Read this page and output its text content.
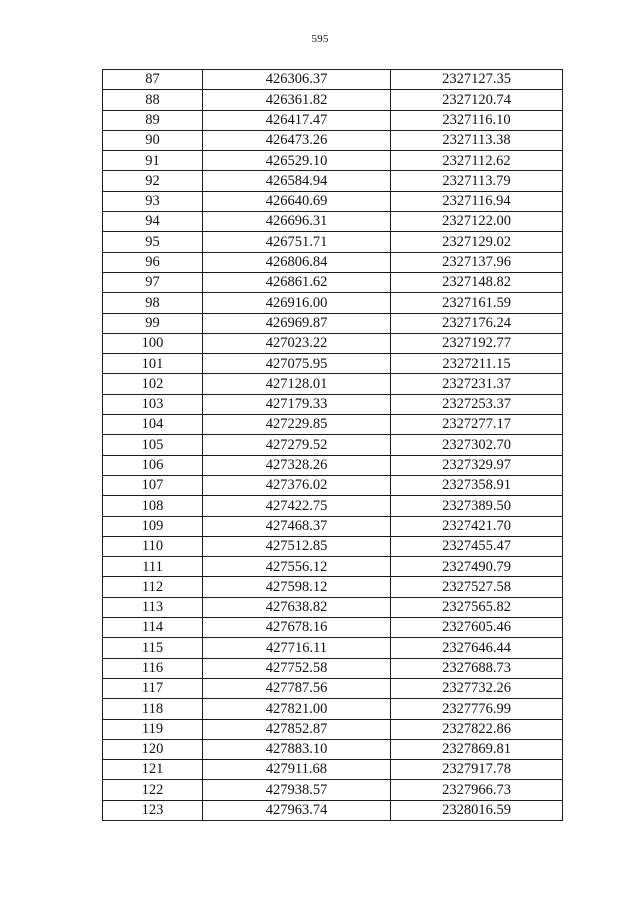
595
87	426306.37	2327127.35
88	426361.82	2327120.74
89	426417.47	2327116.10
90	426473.26	2327113.38
91	426529.10	2327112.62
92	426584.94	2327113.79
93	426640.69	2327116.94
94	426696.31	2327122.00
95	426751.71	2327129.02
96	426806.84	2327137.96
97	426861.62	2327148.82
98	426916.00	2327161.59
99	426969.87	2327176.24
100	427023.22	2327192.77
101	427075.95	2327211.15
102	427128.01	2327231.37
103	427179.33	2327253.37
104	427229.85	2327277.17
105	427279.52	2327302.70
106	427328.26	2327329.97
107	427376.02	2327358.91
108	427422.75	2327389.50
109	427468.37	2327421.70
110	427512.85	2327455.47
111	427556.12	2327490.79
112	427598.12	2327527.58
113	427638.82	2327565.82
114	427678.16	2327605.46
115	427716.11	2327646.44
116	427752.58	2327688.73
117	427787.56	2327732.26
118	427821.00	2327776.99
119	427852.87	2327822.86
120	427883.10	2327869.81
121	427911.68	2327917.78
122	427938.57	2327966.73
123	427963.74	2328016.59
